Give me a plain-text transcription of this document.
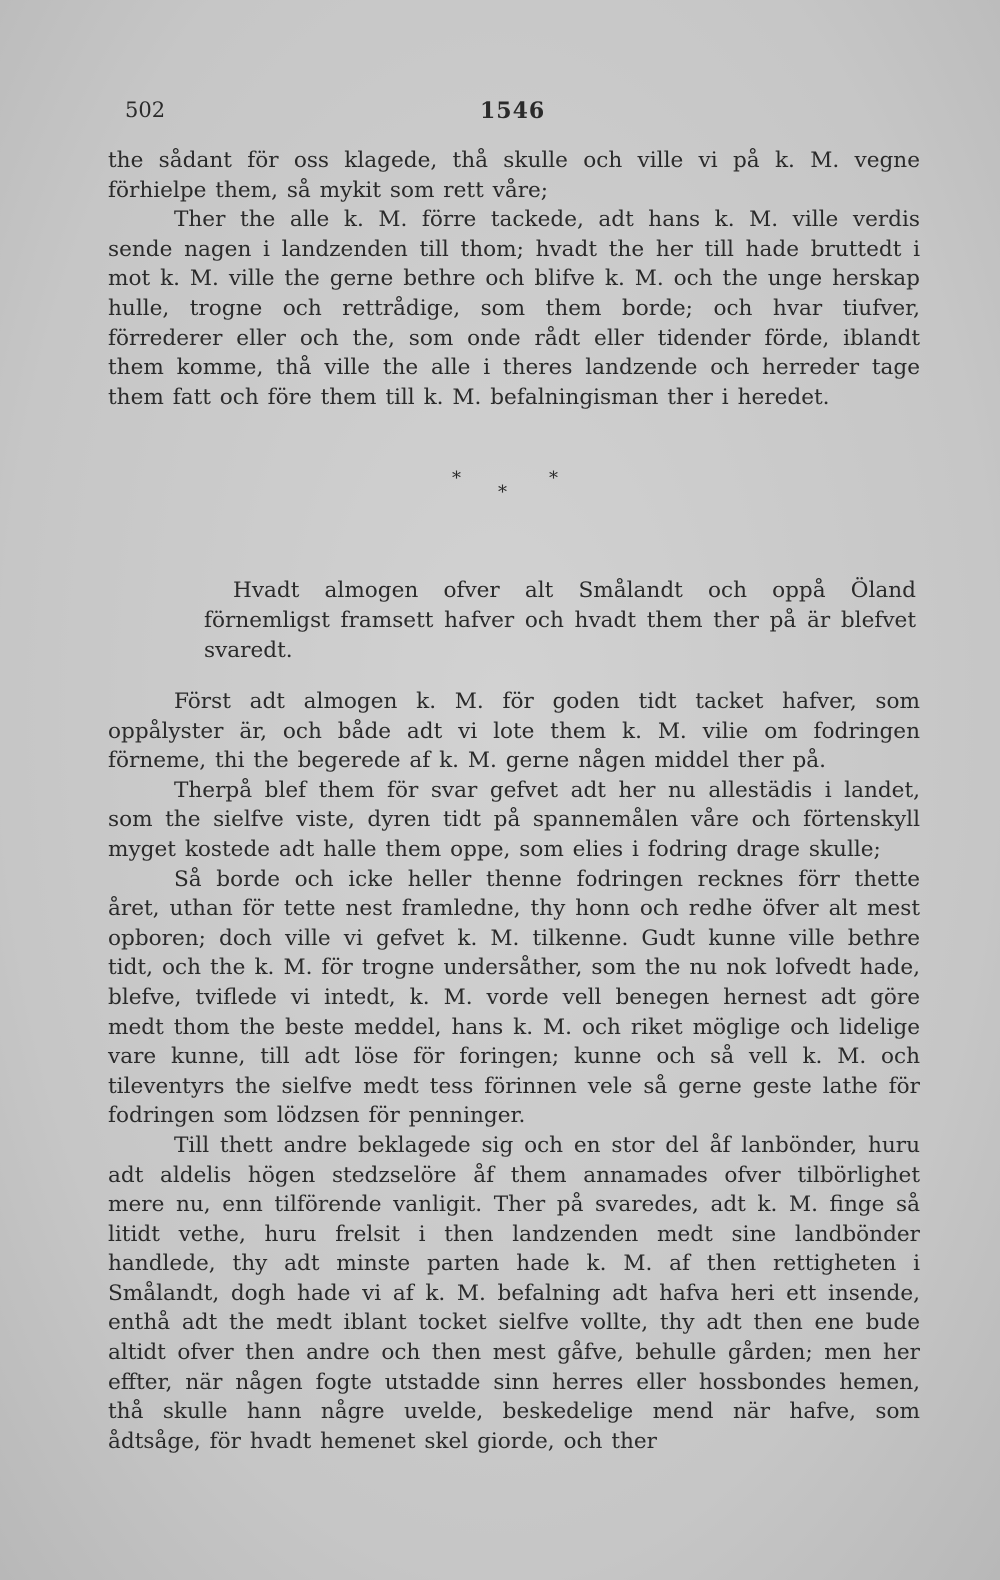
502	1546

the sådant för oss klagede, thå skulle och ville vi på k. M. vegne förhielpe them, så mykit som rett våre;

Ther the alle k. M. förre tackede, adt hans k. M. ville verdis sende nagen i landzenden till thom; hvadt the her till hade bruttedt i mot k. M. ville the gerne bethre och blifve k. M. och the unge herskap hulle, trogne och rettrådige, som them borde; och hvar tiufver, förrederer eller och the, som onde rådt eller tidender förde, iblandt them komme, thå ville the alle i theres landzende och herreder tage them fatt och före them till k. M. befalningisman ther i heredet.

*
*
*

Hvadt almogen ofver alt Smålandt och oppå Öland förnemligst framsett hafver och hvadt them ther på är blefvet svaredt.

Först adt almogen k. M. för goden tidt tacket hafver, som oppålyster är, och både adt vi lote them k. M. vilie om fodringen förneme, thi the begerede af k. M. gerne någen middel ther på.

Therpå blef them för svar gefvet adt her nu allestädis i landet, som the sielfve viste, dyren tidt på spannemålen våre och förtenskyll myget kostede adt halle them oppe, som elies i fodring drage skulle;

Så borde och icke heller thenne fodringen recknes förr thette året, uthan för tette nest framledne, thy honn och redhe öfver alt mest opboren; doch ville vi gefvet k. M. tilkenne. Gudt kunne ville bethre tidt, och the k. M. för trogne undersåther, som the nu nok lofvedt hade, blefve, tviflede vi intedt, k. M. vorde vell benegen hernest adt göre medt thom the beste meddel, hans k. M. och riket möglige och lidelige vare kunne, till adt löse för foringen; kunne och så vell k. M. och tileventyrs the sielfve medt tess förinnen vele så gerne geste lathe för fodringen som lödzsen för penninger.

Till thett andre beklagede sig och en stor del åf lanbönder, huru adt aldelis högen stedzselöre åf them annamades ofver tilbörlighet mere nu, enn tilförende vanligit. Ther på svaredes, adt k. M. finge så litidt vethe, huru frelsit i then landzenden medt sine landbönder handlede, thy adt minste parten hade k. M. af then rettigheten i Smålandt, dogh hade vi af k. M. befalning adt hafva heri ett insende, enthå adt the medt iblant tocket sielfve vollte, thy adt then ene bude altidt ofver then andre och then mest gåfve, behulle gården; men her effter, när någen fogte utstadde sinn herres eller hossbondes hemen, thå skulle hann någre uvelde, beskedelige mend när hafve, som ådtsåge, för hvadt hemenet skel giorde, och ther
